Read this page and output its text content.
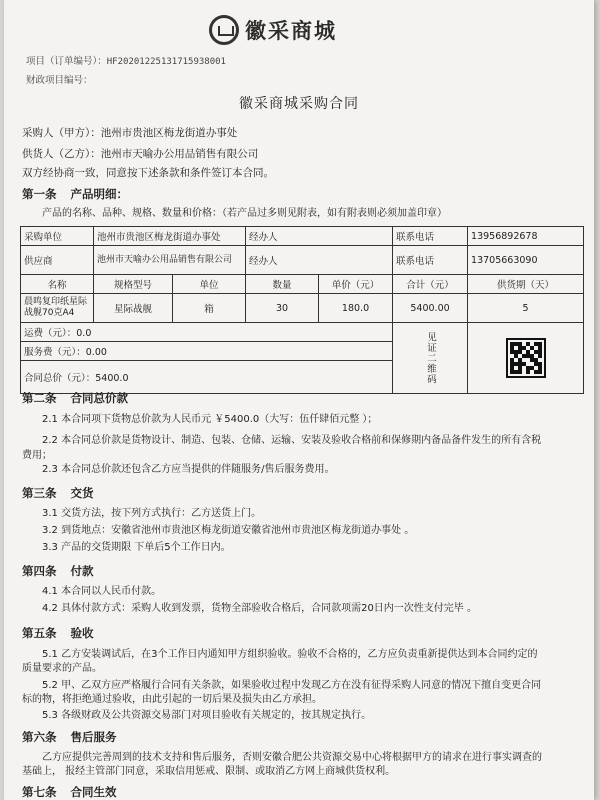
徽采商城
项目（订单编号）：HF20201225131715938001
财政项目编号：
徽采商城采购合同
采购人（甲方）：池州市贵池区梅龙街道办事处
供货人（乙方）：池州市天喻办公用品销售有限公司
双方经协商一致，同意按下述条款和条件签订本合同。
第一条 产品明细：
产品的名称、品种、规格、数量和价格：（若产品过多则见附表，如有附表则必须加盖印章）
采购单位	池州市贵池区梅龙街道办事处		经办人		联系电话	13956892678
供应商	池州市天喻办公用品销售有限公司		经办人		联系电话	13705663090
名称	规格型号	单位	数量	单价（元）	合计（元）	供货期（天）
晨鸣复印纸星际战舰70克A4	星际战舰	箱	30	180.0	5400.00	5
运费（元）：0.0					见证二维码	

服务费（元）：0.00						
合同总价（元）：5400.0						
第二条 合同总价款
2.1 本合同项下货物总价款为人民币元 ￥5400.0（大写：伍仟肆佰元整 ）；
2.2 本合同总价款是货物设计、制造、包装、仓储、运输、安装及验收合格前和保修期内备品备件发生的所有含税
费用；
2.3 本合同总价款还包含乙方应当提供的伴随服务/售后服务费用。
第三条 交货
3.1 交货方法，按下列方式执行：乙方送货上门。
3.2 到货地点：安徽省池州市贵池区梅龙街道安徽省池州市贵池区梅龙街道办事处 。
3.3 产品的交货期限 下单后5个工作日内。
第四条 付款
4.1 本合同以人民币付款。
4.2 具体付款方式：采购人收到发票，货物全部验收合格后，合同款项需20日内一次性支付完毕 。
第五条 验收
5.1 乙方安装调试后，在3个工作日内通知甲方组织验收。验收不合格的，乙方应负责重新提供达到本合同约定的
质量要求的产品。
5.2 甲、乙双方应严格履行合同有关条款，如果验收过程中发现乙方在没有征得采购人同意的情况下擅自变更合同
标的物，将拒绝通过验收，由此引起的一切后果及损失由乙方承担。
5.3 各级财政及公共资源交易部门对项目验收有关规定的，按其规定执行。
第六条 售后服务
乙方应提供完善周到的技术支持和售后服务，否则安徽合肥公共资源交易中心将根据甲方的请求在进行事实调查的
基础上， 报经主管部门同意，采取信用惩戒、限制、或取消乙方网上商城供货权利。
第七条 合同生效
